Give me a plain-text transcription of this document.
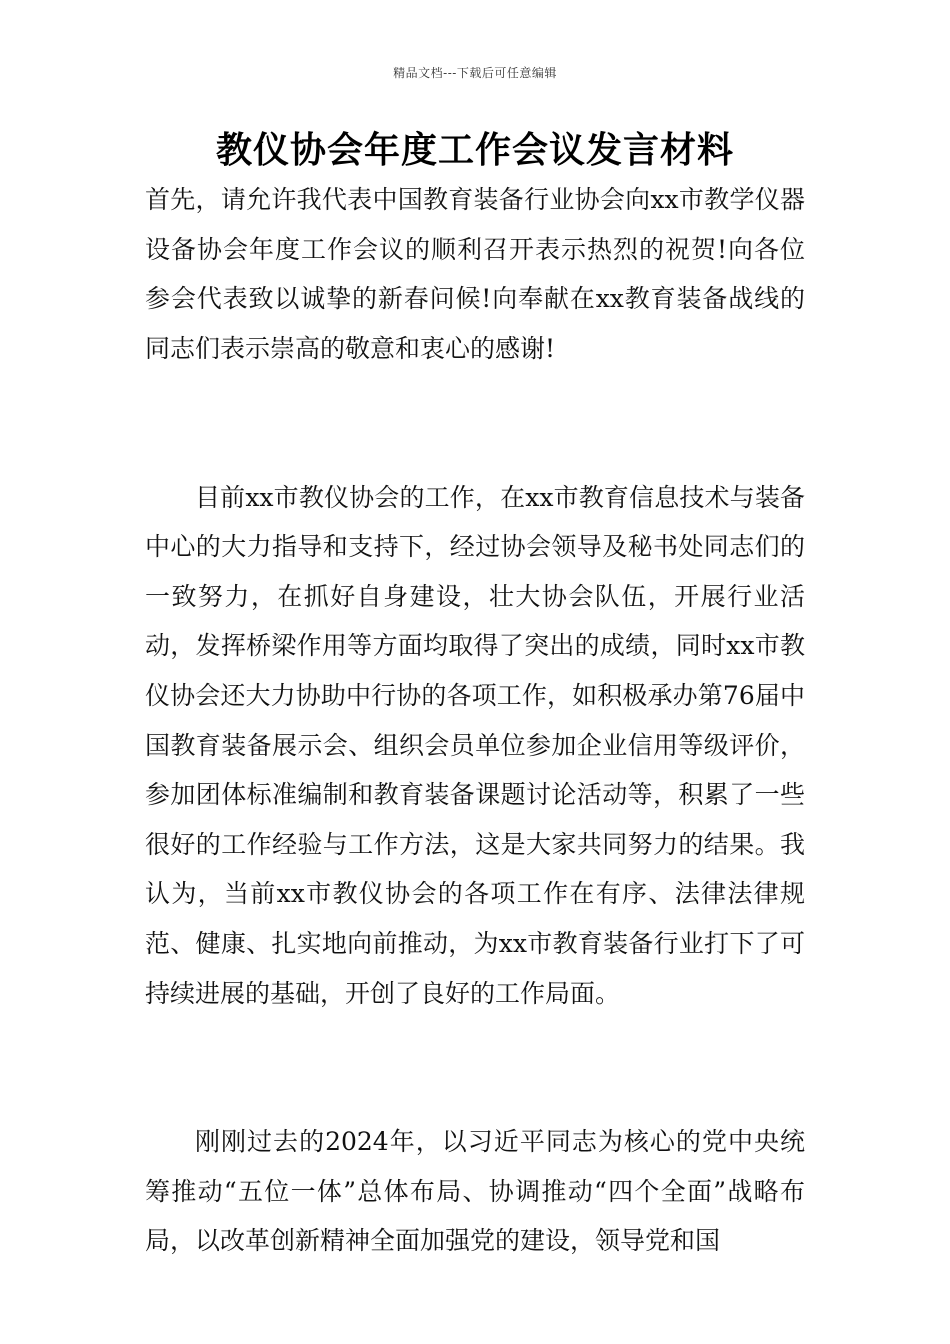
精品文档---下载后可任意编辑
教仪协会年度工作会议发言材料

首先，请允许我代表中国教育装备行业协会向xx市教学仪器设备协会年度工作会议的顺利召开表示热烈的祝贺!向各位参会代表致以诚挚的新春问候!向奉献在xx教育装备战线的同志们表示崇高的敬意和衷心的感谢!

目前xx市教仪协会的工作，在xx市教育信息技术与装备中心的大力指导和支持下，经过协会领导及秘书处同志们的一致努力，在抓好自身建设，壮大协会队伍，开展行业活动，发挥桥梁作用等方面均取得了突出的成绩，同时xx市教仪协会还大力协助中行协的各项工作，如积极承办第76届中国教育装备展示会、组织会员单位参加企业信用等级评价，参加团体标准编制和教育装备课题讨论活动等，积累了一些很好的工作经验与工作方法，这是大家共同努力的结果。我认为，当前xx市教仪协会的各项工作在有序、法律法律规范、健康、扎实地向前推动，为xx市教育装备行业打下了可持续进展的基础，开创了良好的工作局面。

刚刚过去的2024年，以习近平同志为核心的党中央统筹推动“五位一体”总体布局、协调推动“四个全面”战略布局，以改革创新精神全面加强党的建设，领导党和国
